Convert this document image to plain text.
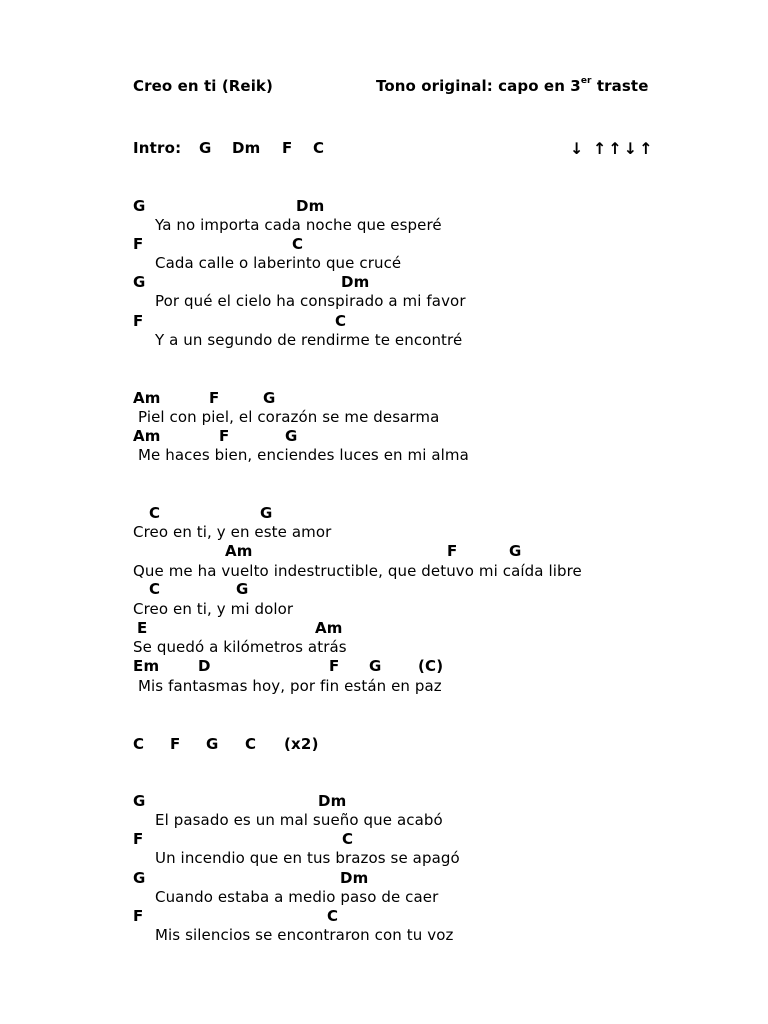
Creo en ti (Reik)	Tono original: capo en 3er traste
Intro: G Dm F C	↓ ↑↑↓↑
G	Dm
Ya no importa cada noche que esperé
F	C
Cada calle o laberinto que crucé
G	Dm
Por qué el cielo ha conspirado a mi favor
F	C
Y a un segundo de rendirme te encontré
Am	F	G
Piel con piel, el corazón se me desarma
Am	F	G
Me haces bien, enciendes luces en mi alma
C	G
Creo en ti, y en este amor
Am	F	G
Que me ha vuelto indestructible, que detuvo mi caída libre
C	G
Creo en ti, y mi dolor
E	Am
Se quedó a kilómetros atrás
Em	D	F G (C)
Mis fantasmas hoy, por fin están en paz
C F G C (x2)
G	Dm
El pasado es un mal sueño que acabó
F	C
Un incendio que en tus brazos se apagó
G	Dm
Cuando estaba a medio paso de caer
F	C
Mis silencios se encontraron con tu voz
